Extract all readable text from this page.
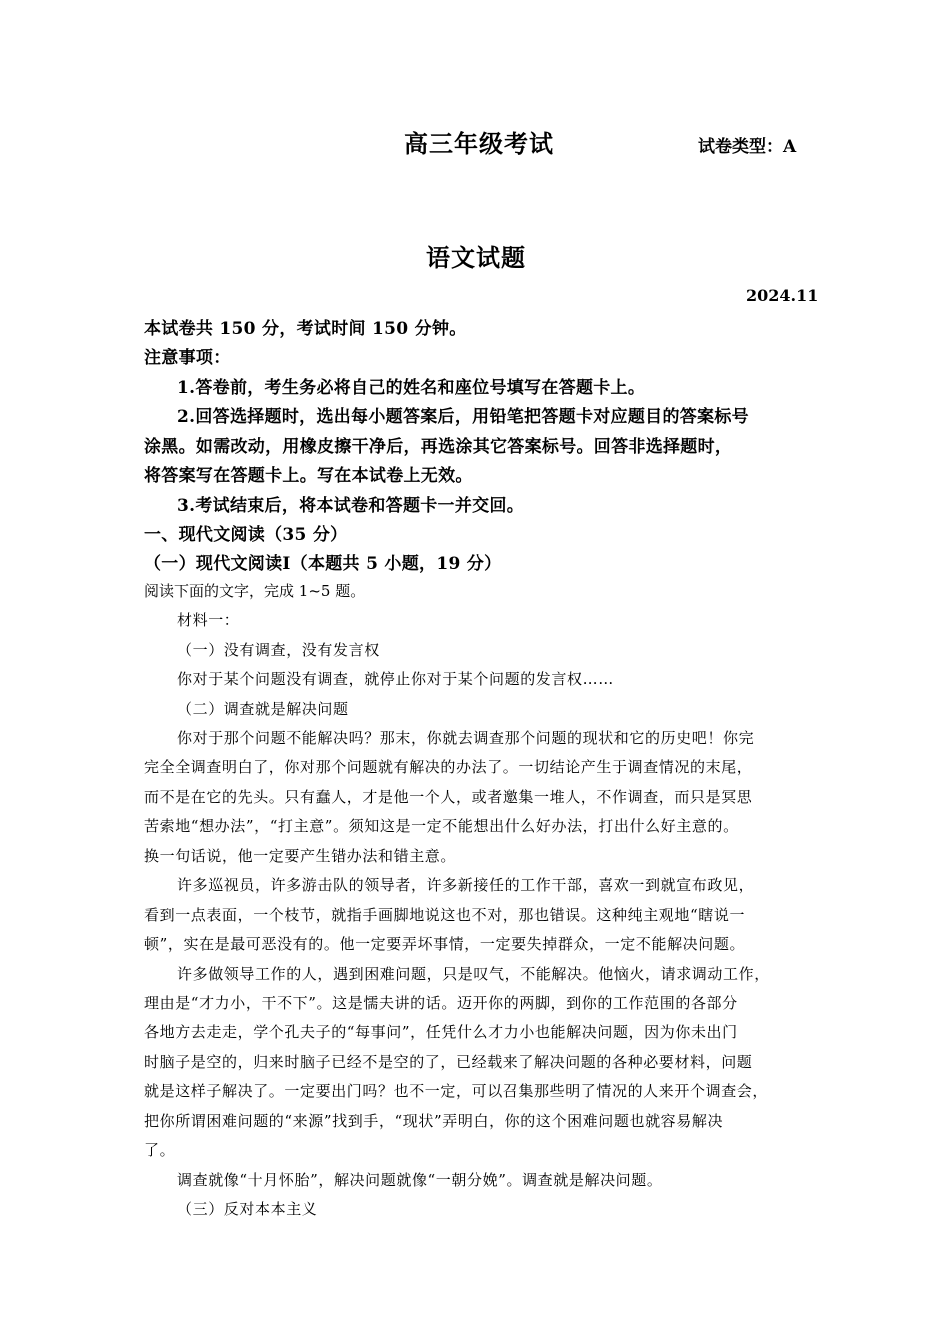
高三年级考试	试卷类型：A
语文试题
2024.11
本试卷共 150 分，考试时间 150 分钟。
注意事项：
1.答卷前，考生务必将自己的姓名和座位号填写在答题卡上。
2.回答选择题时，选出每小题答案后，用铅笔把答题卡对应题目的答案标号
涂黑。如需改动，用橡皮擦干净后，再选涂其它答案标号。回答非选择题时，
将答案写在答题卡上。写在本试卷上无效。
3.考试结束后，将本试卷和答题卡一并交回。
一、现代文阅读（35 分）
（一）现代文阅读Ⅰ（本题共 5 小题，19 分）
阅读下面的文字，完成 1~5 题。
材料一：
（一）没有调查，没有发言权
你对于某个问题没有调查，就停止你对于某个问题的发言权……
（二）调查就是解决问题
你对于那个问题不能解决吗？那末，你就去调查那个问题的现状和它的历史吧！你完
完全全调查明白了，你对那个问题就有解决的办法了。一切结论产生于调查情况的末尾，
而不是在它的先头。只有蠢人，才是他一个人，或者邀集一堆人，不作调查，而只是冥思
苦索地“想办法”，“打主意”。须知这是一定不能想出什么好办法，打出什么好主意的。
换一句话说，他一定要产生错办法和错主意。
许多巡视员，许多游击队的领导者，许多新接任的工作干部，喜欢一到就宣布政见，
看到一点表面，一个枝节，就指手画脚地说这也不对，那也错误。这种纯主观地“瞎说一
顿”，实在是最可恶没有的。他一定要弄坏事情，一定要失掉群众，一定不能解决问题。
许多做领导工作的人，遇到困难问题，只是叹气，不能解决。他恼火，请求调动工作，
理由是“才力小，干不下”。这是懦夫讲的话。迈开你的两脚，到你的工作范围的各部分
各地方去走走，学个孔夫子的“每事问”，任凭什么才力小也能解决问题，因为你未出门
时脑子是空的，归来时脑子已经不是空的了，已经载来了解决问题的各种必要材料，问题
就是这样子解决了。一定要出门吗？也不一定，可以召集那些明了情况的人来开个调查会，
把你所谓困难问题的“来源”找到手，“现状”弄明白，你的这个困难问题也就容易解决
了。
调查就像“十月怀胎”，解决问题就像“一朝分娩”。调查就是解决问题。
（三）反对本本主义
